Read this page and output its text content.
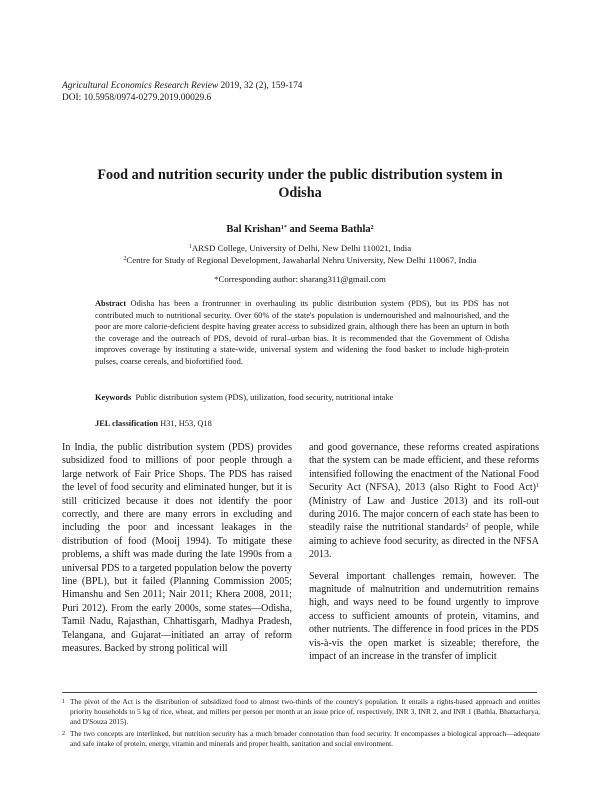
Agricultural Economics Research Review 2019, 32 (2), 159-174
DOI: 10.5958/0974-0279.2019.00029.6
Food and nutrition security under the public distribution system in Odisha
Bal Krishan$^{1*}$ and Seema Bathla$^2$
$^1$ARSD College, University of Delhi, New Delhi 110021, India
$^2$Centre for Study of Regional Development, Jawaharlal Nehru University, New Delhi 110067, India
*Corresponding author: sharang311@gmail.com
Abstract Odisha has been a frontrunner in overhauling its public distribution system (PDS), but its PDS has not contributed much to nutritional security. Over 60% of the state's population is undernourished and malnourished, and the poor are more calorie-deficient despite having greater access to subsidized grain, although there has been an upturn in both the coverage and the outreach of PDS, devoid of rural–urban bias. It is recommended that the Government of Odisha improves coverage by instituting a state-wide, universal system and widening the food basket to include high-protein pulses, coarse cereals, and biofortified food.
Keywords Public distribution system (PDS), utilization, food security, nutritional intake
JEL classification H31, H53, Q18

In India, the public distribution system (PDS) provides subsidized food to millions of poor people through a large network of Fair Price Shops. The PDS has raised the level of food security and eliminated hunger, but it is still criticized because it does not identify the poor correctly, and there are many errors in excluding and including the poor and incessant leakages in the distribution of food (Mooij 1994). To mitigate these problems, a shift was made during the late 1990s from a universal PDS to a targeted population below the poverty line (BPL), but it failed (Planning Commission 2005; Himanshu and Sen 2011; Nair 2011; Khera 2008, 2011; Puri 2012). From the early 2000s, some states—Odisha, Tamil Nadu, Rajasthan, Chhattisgarh, Madhya Pradesh, Telangana, and Gujarat—initiated an array of reform measures. Backed by strong political will

and good governance, these reforms created aspirations that the system can be made efficient, and these reforms intensified following the enactment of the National Food Security Act (NFSA), 2013 (also Right to Food Act)$^1$ (Ministry of Law and Justice 2013) and its roll-out during 2016. The major concern of each state has been to steadily raise the nutritional standards$^2$ of people, while aiming to achieve food security, as directed in the NFSA 2013.

Several important challenges remain, however. The magnitude of malnutrition and undernutrition remains high, and ways need to be found urgently to improve access to sufficient amounts of protein, vitamins, and other nutrients. The difference in food prices in the PDS vis-à-vis the open market is sizeable; therefore, the impact of an increase in the transfer of implicit

1 The pivot of the Act is the distribution of subsidized food to almost two-thirds of the country's population. It entails a rights-based approach and entitles priority households to 5 kg of rice, wheat, and millets per person per month at an issue price of, respectively, INR 3, INR 2, and INR 1 (Bathla, Bhattacharya, and D'Souza 2015).

2 The two concepts are interlinked, but nutrition security has a much broader connotation than food security. It encompasses a biological approach—adequate and safe intake of protein, energy, vitamin and minerals and proper health, sanitation and social environment.
